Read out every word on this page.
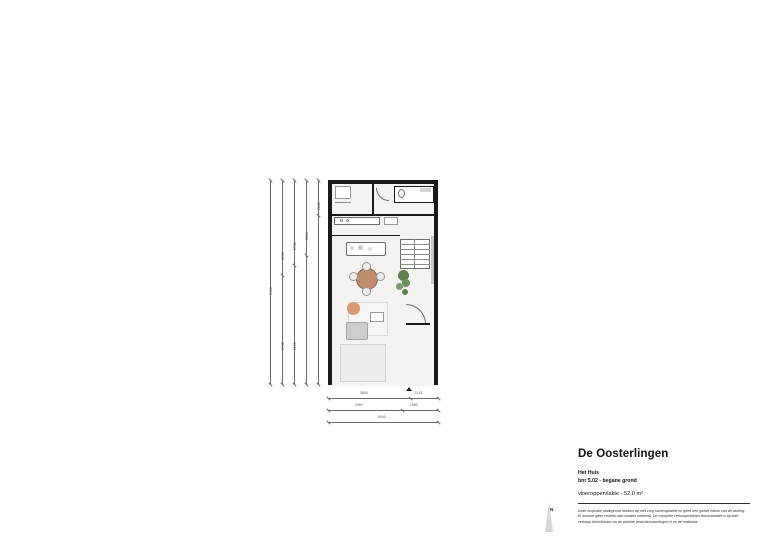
9366
2986
2768
2760
2155
3044
2160
3800	1143
2960	1983
5040
N
De Oosterlingen
Het Huis
bnr 5.02 - begane grond
vloeroppervlakte - 52.0 m²
Deze inspiratie plattegrond hebben wij met zorg samengesteld en geeft een goede indruk van de woning. Er kunnen geen rechten aan worden ontleend. De complete verkoopcontract documentatie is bij start verkoop beschikbaar via de website www.deoosterlingen.nl en de makelaar.
